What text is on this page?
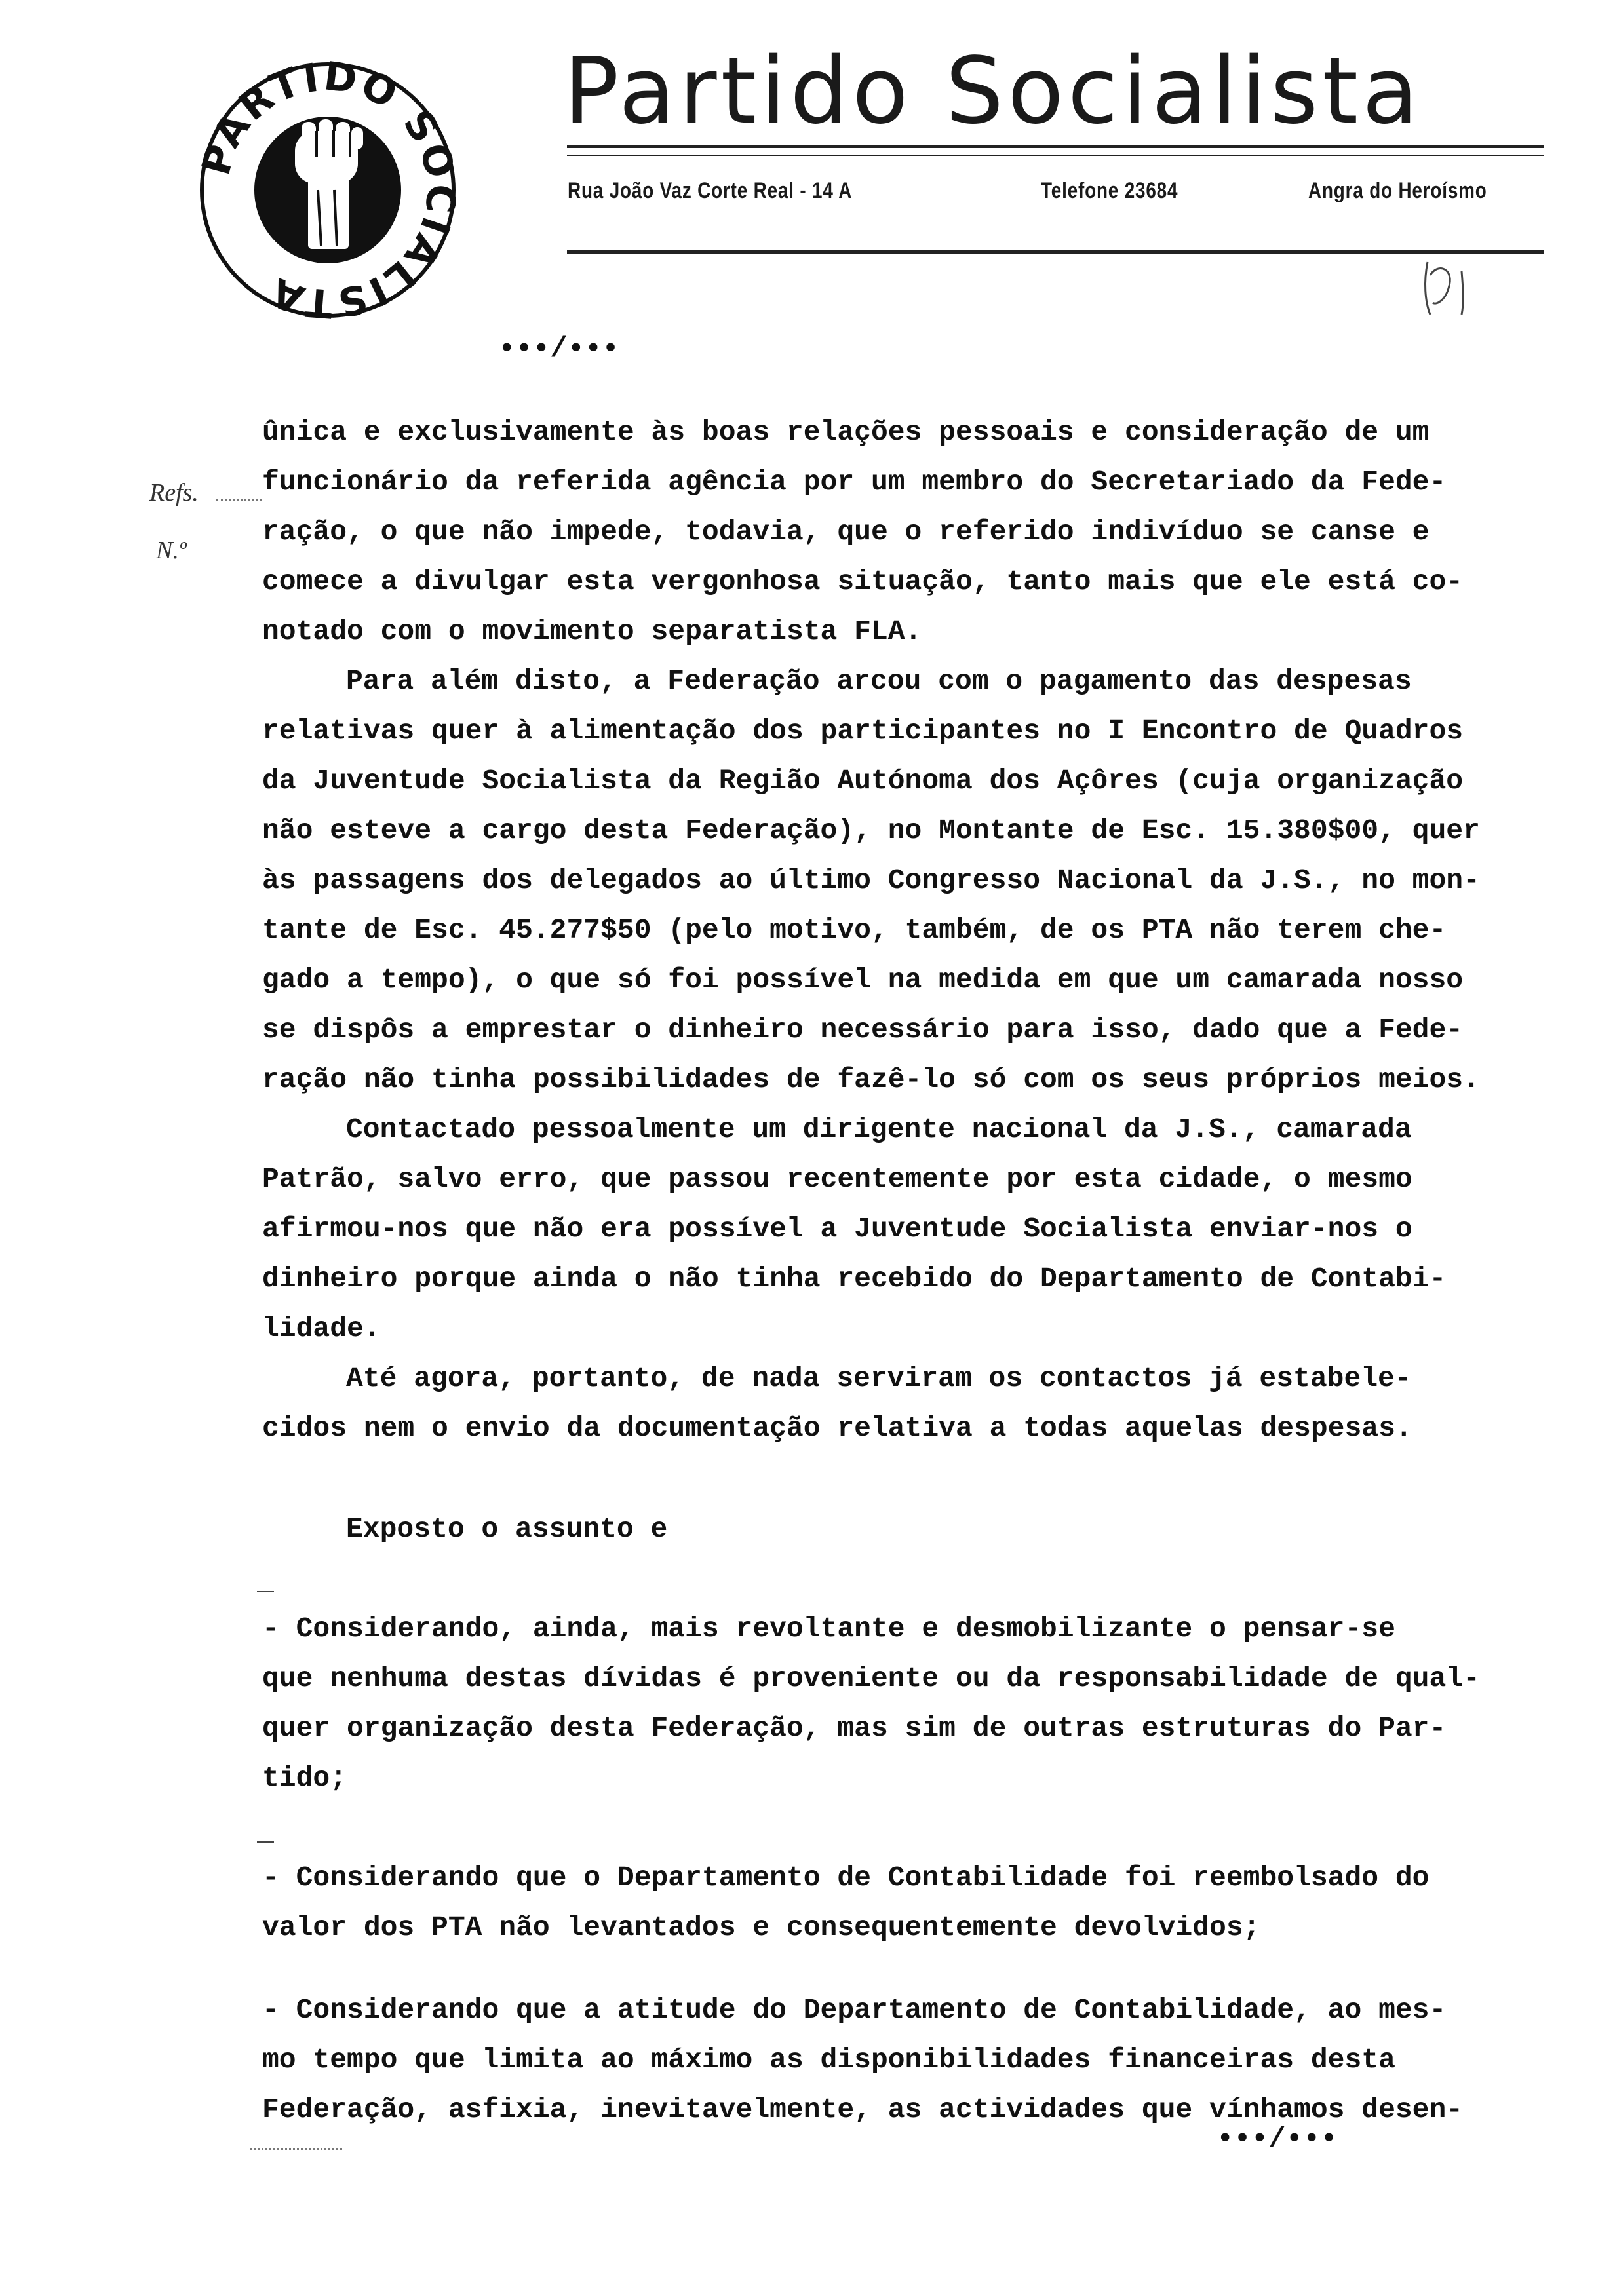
PARTIDO SO IALISTA
Partido Socialista
Rua João Vaz Corte Real - 14 A	Telefone 23684	Angra do Heroísmo
•••/•••
Refs.
N.º
ûnica e exclusivamente às boas relações pessoais e consideração de um
funcionário da referida agência por um membro do Secretariado da Fede-
ração, o que não impede, todavia, que o referido indivíduo se canse e
comece a divulgar esta vergonhosa situação, tanto mais que ele está co-
notado com o movimento separatista FLA.
Para além disto, a Federação arcou com o pagamento das despesas
relativas quer à alimentação dos participantes no I Encontro de Quadros
da Juventude Socialista da Região Autónoma dos Açôres (cuja organização
não esteve a cargo desta Federação), no Montante de Esc. 15.380$00, quer
às passagens dos delegados ao último Congresso Nacional da J.S., no mon-
tante de Esc. 45.277$50 (pelo motivo, também, de os PTA não terem che-
gado a tempo), o que só foi possível na medida em que um camarada nosso
se dispôs a emprestar o dinheiro necessário para isso, dado que a Fede-
ração não tinha possibilidades de fazê-lo só com os seus próprios meios.
Contactado pessoalmente um dirigente nacional da J.S., camarada
Patrão, salvo erro, que passou recentemente por esta cidade, o mesmo
afirmou-nos que não era possível a Juventude Socialista enviar-nos o
dinheiro porque ainda o não tinha recebido do Departamento de Contabi-
lidade.
Até agora, portanto, de nada serviram os contactos já estabele-
cidos nem o envio da documentação relativa a todas aquelas despesas.
Exposto o assunto e
- Considerando, ainda, mais revoltante e desmobilizante o pensar-se
que nenhuma destas dívidas é proveniente ou da responsabilidade de qual-
quer organização desta Federação, mas sim de outras estruturas do Par-
tido;
- Considerando que o Departamento de Contabilidade foi reembolsado do
valor dos PTA não levantados e consequentemente devolvidos;
- Considerando que a atitude do Departamento de Contabilidade, ao mes-
mo tempo que limita ao máximo as disponibilidades financeiras desta
Federação, asfixia, inevitavelmente, as actividades que vínhamos desen-
•••/•••
